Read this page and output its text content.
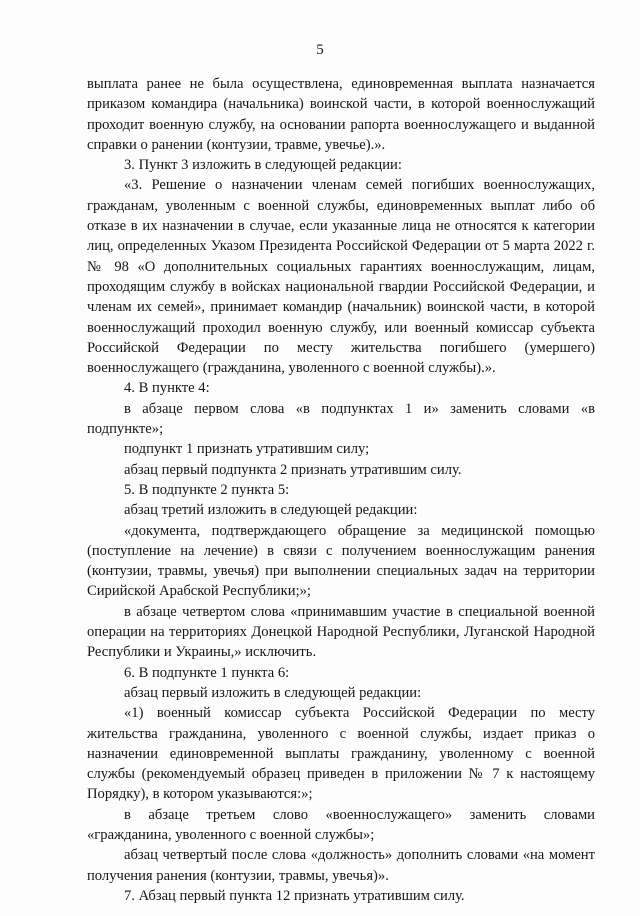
5

выплата ранее не была осуществлена, единовременная выплата назначается приказом командира (начальника) воинской части, в которой военнослужащий проходит военную службу, на основании рапорта военнослужащего и выданной справки о ранении (контузии, травме, увечье).».

3. Пункт 3 изложить в следующей редакции:

«3. Решение о назначении членам семей погибших военнослужащих, гражданам, уволенным с военной службы, единовременных выплат либо об отказе в их назначении в случае, если указанные лица не относятся к категории лиц, определенных Указом Президента Российской Федерации от 5 марта 2022 г. № 98 «О дополнительных социальных гарантиях военнослужащим, лицам, проходящим службу в войсках национальной гвардии Российской Федерации, и членам их семей», принимает командир (начальник) воинской части, в которой военнослужащий проходил военную службу, или военный комиссар субъекта Российской Федерации по месту жительства погибшего (умершего) военнослужащего (гражданина, уволенного с военной службы).».

4. В пункте 4:

в абзаце первом слова «в подпунктах 1 и» заменить словами «в подпункте»;

подпункт 1 признать утратившим силу;

абзац первый подпункта 2 признать утратившим силу.

5. В подпункте 2 пункта 5:

абзац третий изложить в следующей редакции:

«документа, подтверждающего обращение за медицинской помощью (поступление на лечение) в связи с получением военнослужащим ранения (контузии, травмы, увечья) при выполнении специальных задач на территории Сирийской Арабской Республики;»;

в абзаце четвертом слова «принимавшим участие в специальной военной операции на территориях Донецкой Народной Республики, Луганской Народной Республики и Украины,» исключить.

6. В подпункте 1 пункта 6:

абзац первый изложить в следующей редакции:

«1) военный комиссар субъекта Российской Федерации по месту жительства гражданина, уволенного с военной службы, издает приказ о назначении единовременной выплаты гражданину, уволенному с военной службы (рекомендуемый образец приведен в приложении № 7 к настоящему Порядку), в котором указываются:»;

в абзаце третьем слово «военнослужащего» заменить словами «гражданина, уволенного с военной службы»;

абзац четвертый после слова «должность» дополнить словами «на момент получения ранения (контузии, травмы, увечья)».

7. Абзац первый пункта 12 признать утратившим силу.
